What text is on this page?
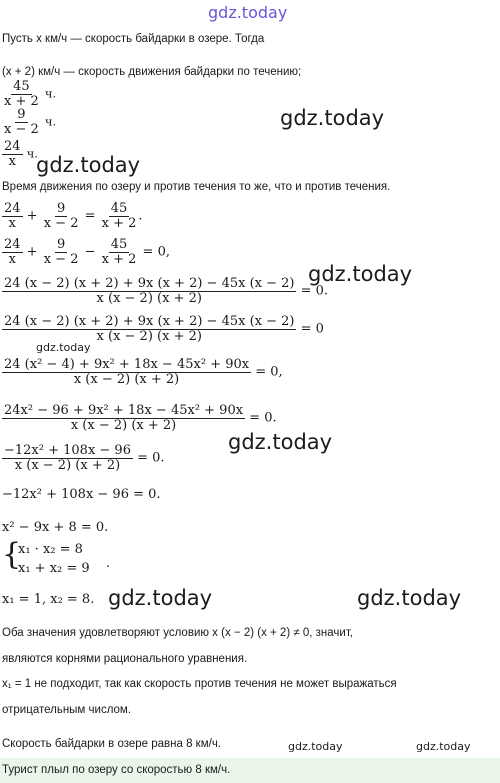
gdz.today
Пусть x км/ч — скорость байдарки в озере. Тогда
(x + 2) км/ч — скорость движения байдарки по течению;
$\frac{45}{x + 2} ч$.
$\frac{9}{x - 2} ч$.
$\frac{24}{x} ч$.
Время движения по озеру и против течения то же, что и против течения.
$\frac{24}{x} + \frac{9}{x - 2} = \frac{45}{x + 2}$ .
$\frac{24}{x} + \frac{9}{x - 2} - \frac{45}{x + 2} = 0$,
$\frac{24 (x - 2) (x + 2) + 9x (x + 2) - 45x (x - 2)}{x (x - 2) (x + 2)} = 0$.
$\frac{24 (x - 2) (x + 2) + 9x (x + 2) - 45x (x - 2)}{x (x - 2) (x + 2)} = 0$
$\frac{\text{24 (x² − 4) + 9x² + 18x − 45x² + 90x}}{x (x - 2) (x + 2)} = 0$,
$\frac{\text{24x² − 96 + 9x² + 18x − 45x² + 90x}}{x (x - 2) (x + 2)} = 0$.
$\frac{\text{−12x² + 108x − 96}}{x (x - 2) (x + 2)} = 0$.
−12x² + 108x − 96 = 0.
x² − 9x + 8 = 0.
{
x₁ · x₂ = 8
x₁ + x₂ = 9 .
x₁ = 1, x₂ = 8.
Оба значения удовлетворяют условию x (x − 2) (x + 2) ≠ 0, значит,
являются корнями рационального уравнения.
x₁ = 1 не подходит, так как скорость против течения не может выражаться
отрицательным числом.
Скорость байдарки в озере равна 8 км/ч.
Турист плыл по озеру со скоростью 8 км/ч.
gdz.today
gdz.today
gdz.today
gdz.today
gdz.today
gdz.today	gdz.today
gdz.today	gdz.today
